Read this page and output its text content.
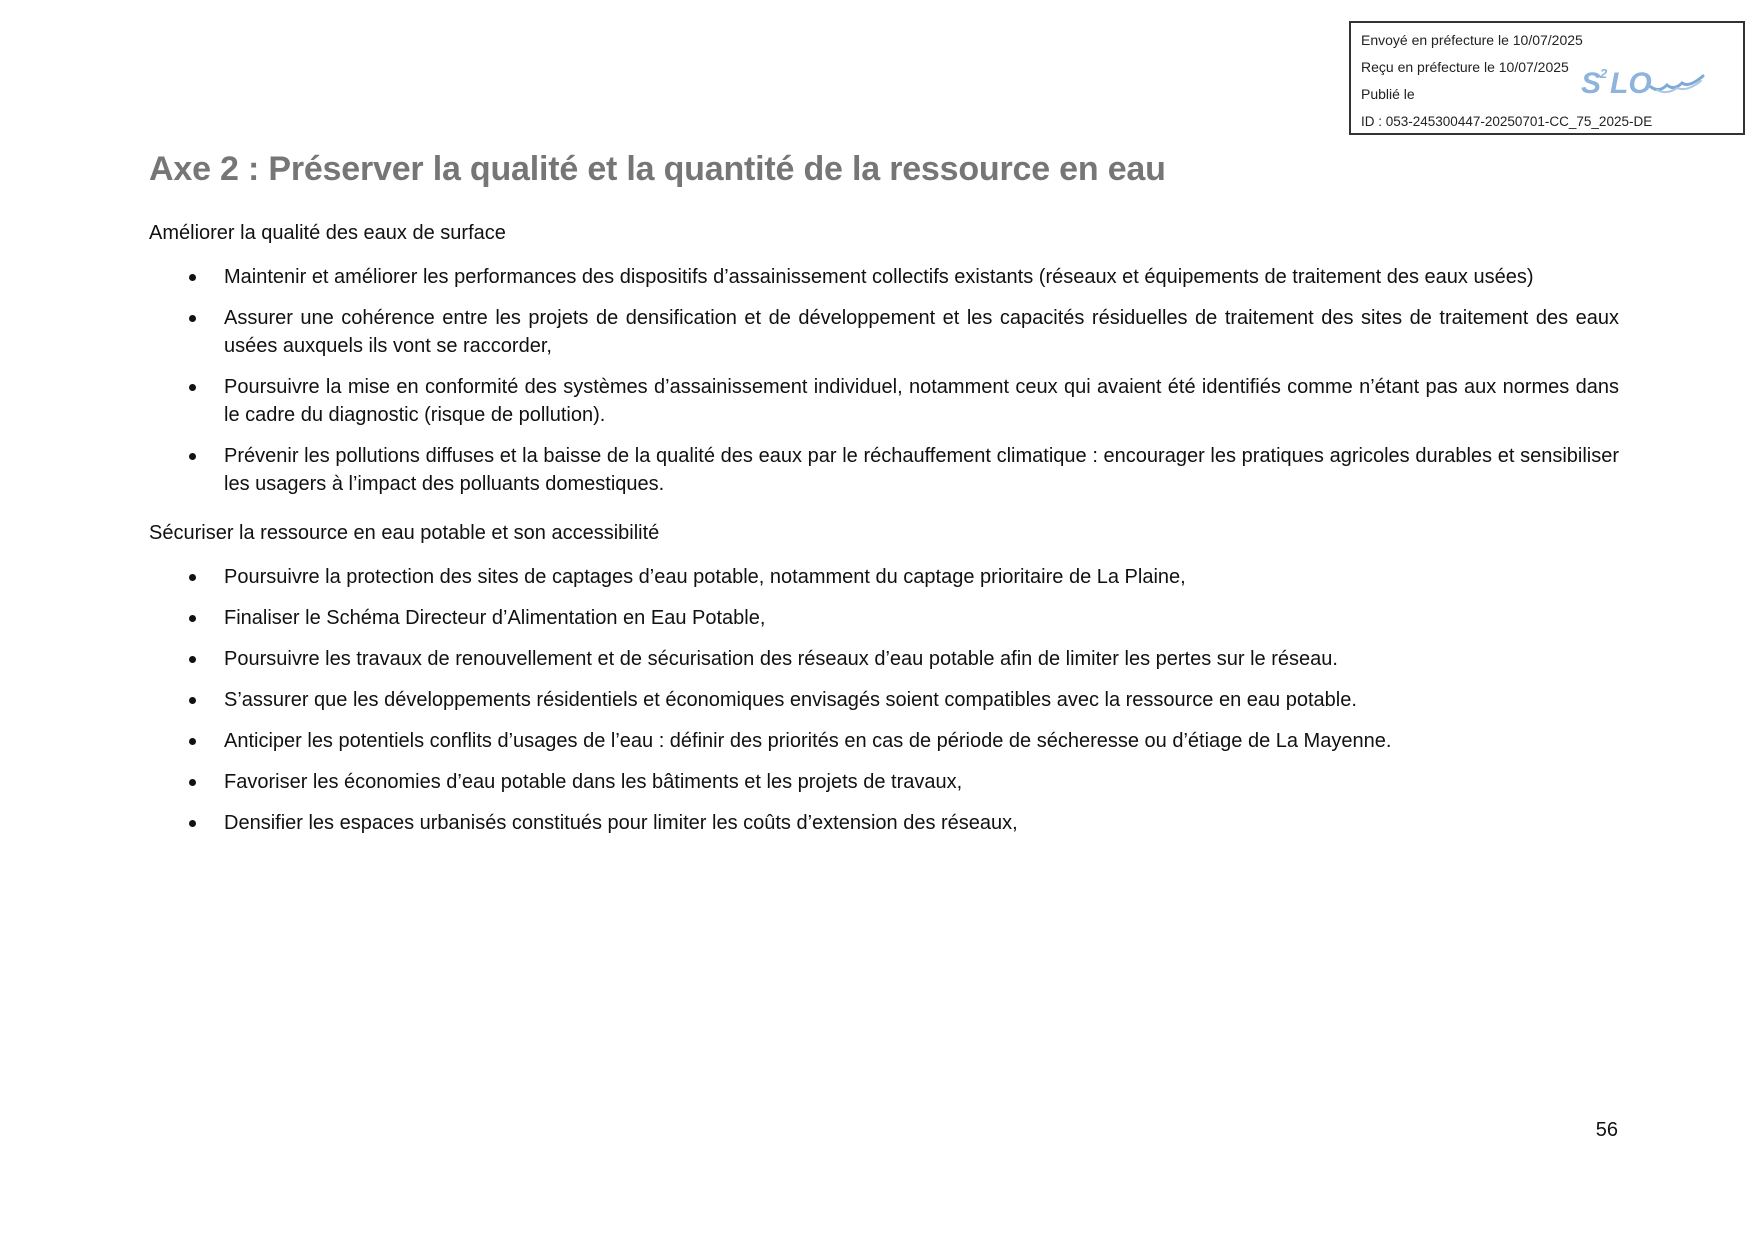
Envoyé en préfecture le 10/07/2025
Reçu en préfecture le 10/07/2025
Publié le
ID : 053-245300447-20250701-CC_75_2025-DE
S
2 LO
Axe 2 : Préserver la qualité et la quantité de la ressource en eau
Améliorer la qualité des eaux de surface
Maintenir et améliorer les performances des dispositifs d’assainissement collectifs existants (réseaux et équipements de traitement des eaux usées)
Assurer une cohérence entre les projets de densification et de développement et les capacités résiduelles de traitement des sites de traitement des eaux usées auxquels ils vont se raccorder,
Poursuivre la mise en conformité des systèmes d’assainissement individuel, notamment ceux qui avaient été identifiés comme n’étant pas aux normes dans le cadre du diagnostic (risque de pollution).
Prévenir les pollutions diffuses et la baisse de la qualité des eaux par le réchauffement climatique : encourager les pratiques agricoles durables et sensibiliser les usagers à l’impact des polluants domestiques.
Sécuriser la ressource en eau potable et son accessibilité
Poursuivre la protection des sites de captages d’eau potable, notamment du captage prioritaire de La Plaine,
Finaliser le Schéma Directeur d’Alimentation en Eau Potable,
Poursuivre les travaux de renouvellement et de sécurisation des réseaux d’eau potable afin de limiter les pertes sur le réseau.
S’assurer que les développements résidentiels et économiques envisagés soient compatibles avec la ressource en eau potable.
Anticiper les potentiels conflits d’usages de l’eau : définir des priorités en cas de période de sécheresse ou d’étiage de La Mayenne.
Favoriser les économies d’eau potable dans les bâtiments et les projets de travaux,
Densifier les espaces urbanisés constitués pour limiter les coûts d’extension des réseaux,
56
